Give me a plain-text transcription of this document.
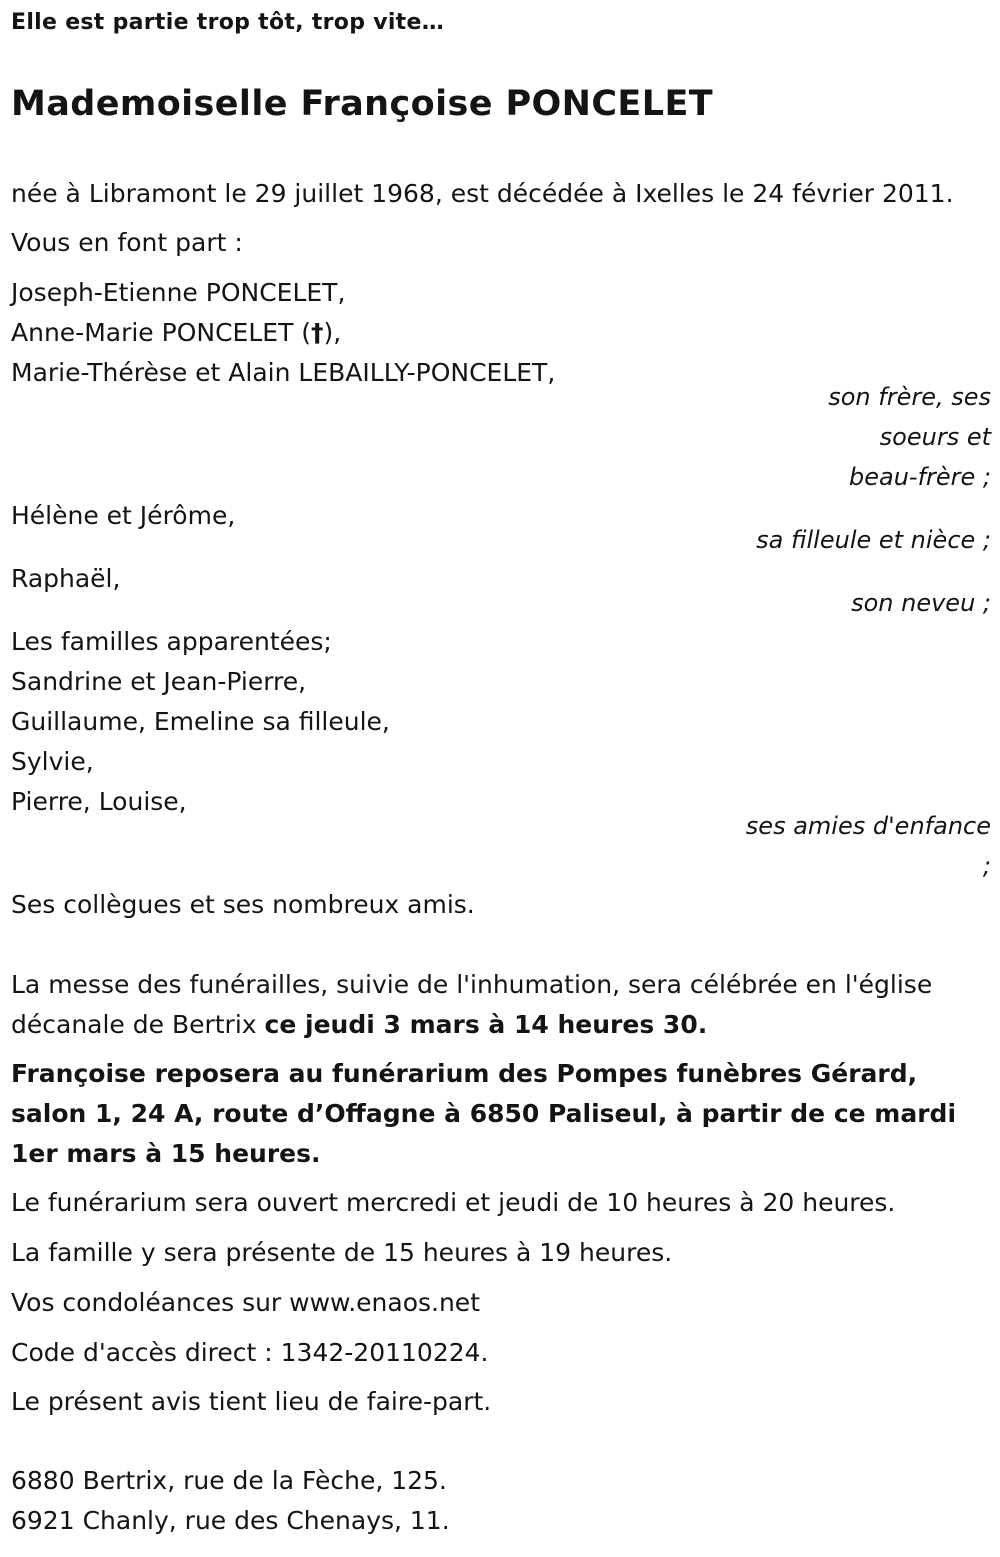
Elle est partie trop tôt, trop vite…
Mademoiselle Françoise PONCELET
née à Libramont le 29 juillet 1968, est décédée à Ixelles le 24 février 2011.
Vous en font part :
Joseph-Etienne PONCELET,
Anne-Marie PONCELET (†),
Marie-Thérèse et Alain LEBAILLY-PONCELET,
son frère, ses
soeurs et
beau-frère ;
Hélène et Jérôme,
sa filleule et nièce ;
Raphaël,
son neveu ;
Les familles apparentées;
Sandrine et Jean-Pierre,
Guillaume, Emeline sa filleule,
Sylvie,
Pierre, Louise,
ses amies d'enfance
;
Ses collègues et ses nombreux amis.
La messe des funérailles, suivie de l'inhumation, sera célébrée en l'église décanale de Bertrix ce jeudi 3 mars à 14 heures 30.
Françoise reposera au funérarium des Pompes funèbres Gérard, salon 1, 24 A, route d’Offagne à 6850 Paliseul, à partir de ce mardi 1er mars à 15 heures.
Le funérarium sera ouvert mercredi et jeudi de 10 heures à 20 heures.
La famille y sera présente de 15 heures à 19 heures.
Vos condoléances sur www.enaos.net
Code d'accès direct : 1342-20110224.
Le présent avis tient lieu de faire-part.
6880 Bertrix, rue de la Fèche, 125.
6921 Chanly, rue des Chenays, 11.
